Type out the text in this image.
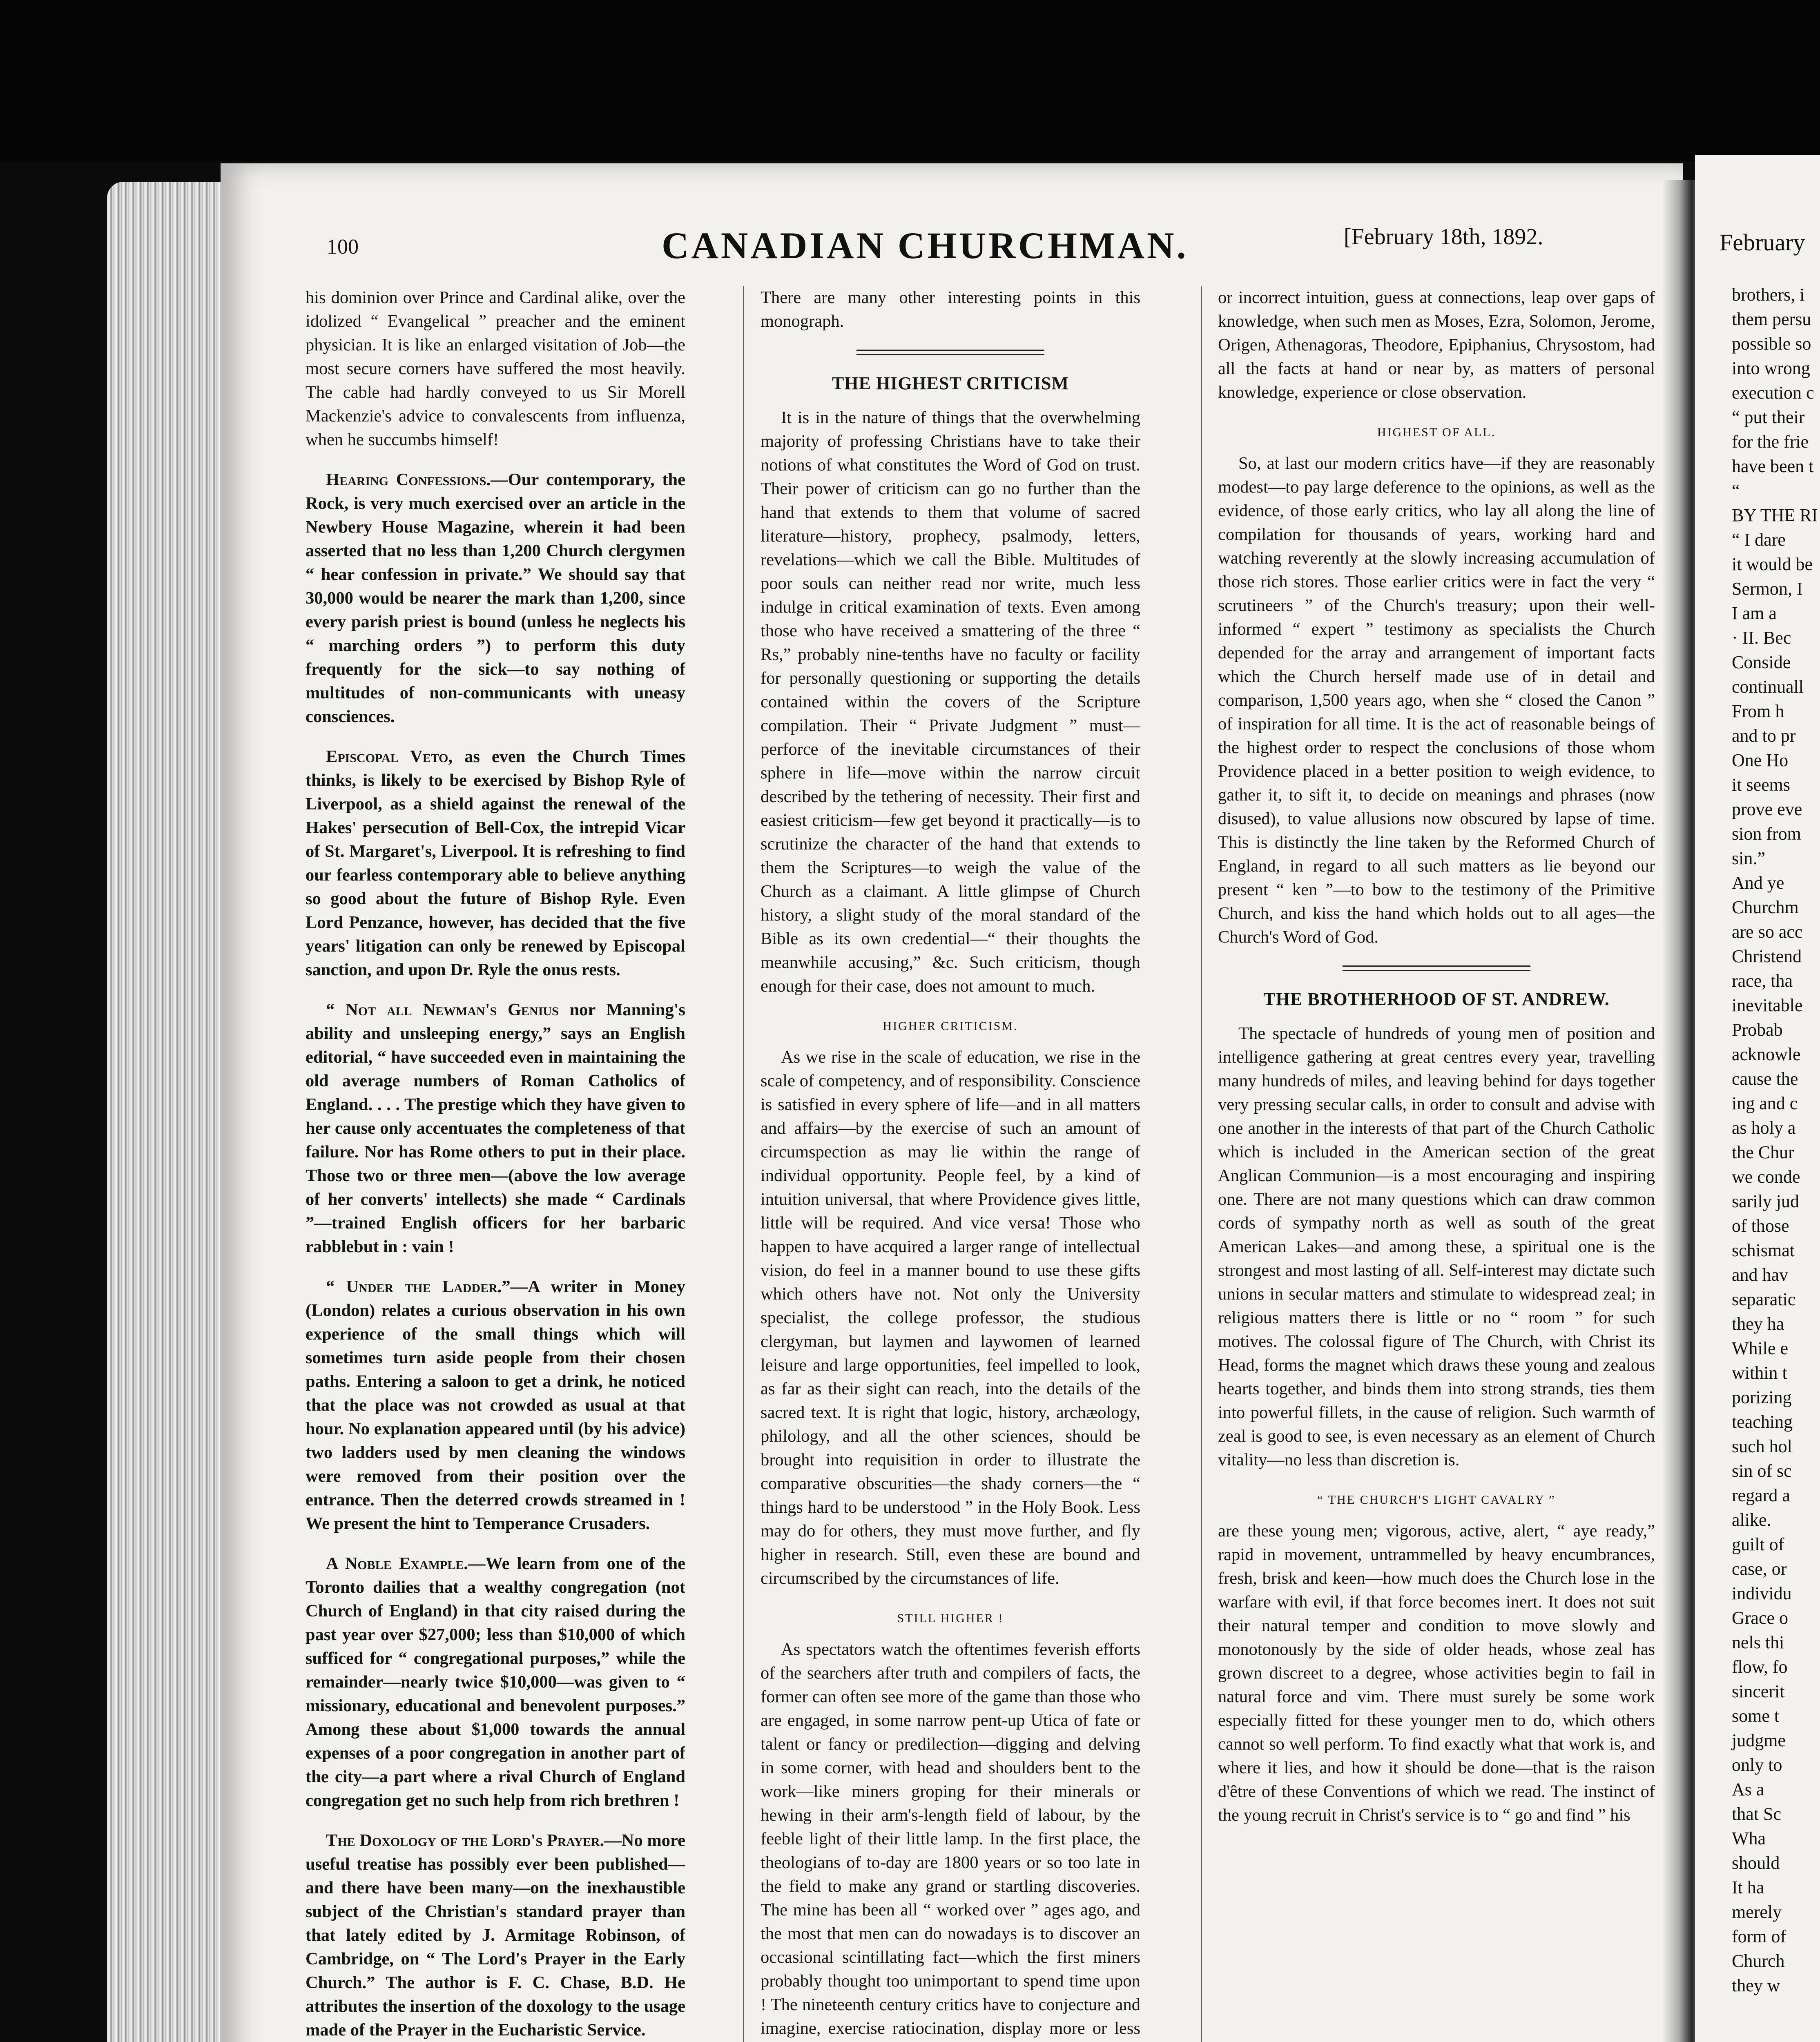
February
brothers, i
them persu
possible so
into wrong
execution c
“ put their
for the frie
have been t
“
BY THE RI
“ I dare
it would be
Sermon, I
I am a
· II. Bec
Conside
continuall
From h
and to pr
One Ho
it seems
prove eve
sion from
sin.”
And ye
Churchm
are so acc
Christend
race, tha
inevitable
Probab
acknowle
cause the
ing and c
as holy a
the Chur
we conde
sarily jud
of those
schismat
and hav
separatic
they ha
While e
within t
porizing
teaching
such hol
sin of sc
regard a
alike.
guilt of
case, or
individu
Grace o
nels thi
flow, fo
sincerit
some t
judgme
only to
As a
that Sc
Wha
should
It ha
merely
form of
Church
they w
100	CANADIAN CHURCHMAN.	[February 18th, 1892.

his dominion over Prince and Cardinal alike, over the idolized “ Evangelical ” preacher and the eminent physician. It is like an enlarged visitation of Job—the most secure corners have suffered the most heavily. The cable had hardly conveyed to us Sir Morell Mackenzie's advice to convalescents from influenza, when he succumbs himself!

Hearing Confessions.—Our contemporary, the Rock, is very much exercised over an article in the Newbery House Magazine, wherein it had been asserted that no less than 1,200 Church clergymen “ hear confession in private.” We should say that 30,000 would be nearer the mark than 1,200, since every parish priest is bound (unless he neglects his “ marching orders ”) to perform this duty frequently for the sick—to say nothing of multitudes of non-communicants with uneasy consciences.

Episcopal Veto, as even the Church Times thinks, is likely to be exercised by Bishop Ryle of Liverpool, as a shield against the renewal of the Hakes' persecution of Bell-Cox, the intrepid Vicar of St. Margaret's, Liverpool. It is refreshing to find our fearless contemporary able to believe anything so good about the future of Bishop Ryle. Even Lord Penzance, however, has decided that the five years' litigation can only be renewed by Episcopal sanction, and upon Dr. Ryle the onus rests.

“ Not all Newman's Genius nor Manning's ability and unsleeping energy,” says an English editorial, “ have succeeded even in maintaining the old average numbers of Roman Catholics of England. . . . The prestige which they have given to her cause only accentuates the completeness of that failure. Nor has Rome others to put in their place. Those two or three men—(above the low average of her converts' intellects) she made “ Cardinals ”—trained English officers for her barbaric rabblebut in : vain !

“ Under the Ladder.”—A writer in Money (London) relates a curious observation in his own experience of the small things which will sometimes turn aside people from their chosen paths. Entering a saloon to get a drink, he noticed that the place was not crowded as usual at that hour. No explanation appeared until (by his advice) two ladders used by men cleaning the windows were removed from their position over the entrance. Then the deterred crowds streamed in ! We present the hint to Temperance Crusaders.

A Noble Example.—We learn from one of the Toronto dailies that a wealthy congregation (not Church of England) in that city raised during the past year over $27,000; less than $10,000 of which sufficed for “ congregational purposes,” while the remainder—nearly twice $10,000—was given to “ missionary, educational and benevolent purposes.” Among these about $1,000 towards the annual expenses of a poor congregation in another part of the city—a part where a rival Church of England congregation get no such help from rich brethren !

The Doxology of the Lord's Prayer.—No more useful treatise has possibly ever been published—and there have been many—on the inexhaustible subject of the Christian's standard prayer than that lately edited by J. Armitage Robinson, of Cambridge, on “ The Lord's Prayer in the Early Church.” The author is F. C. Chase, B.D. He attributes the insertion of the doxology to the usage made of the Prayer in the Eucharistic Service.

There are many other interesting points in this monograph.

THE HIGHEST CRITICISM

It is in the nature of things that the overwhelming majority of professing Christians have to take their notions of what constitutes the Word of God on trust. Their power of criticism can go no further than the hand that extends to them that volume of sacred literature—history, prophecy, psalmody, letters, revelations—which we call the Bible. Multitudes of poor souls can neither read nor write, much less indulge in critical examination of texts. Even among those who have received a smattering of the three “ Rs,” probably nine-tenths have no faculty or facility for personally questioning or supporting the details contained within the covers of the Scripture compilation. Their “ Private Judgment ” must—perforce of the inevitable circumstances of their sphere in life—move within the narrow circuit described by the tethering of necessity. Their first and easiest criticism—few get beyond it practically—is to scrutinize the character of the hand that extends to them the Scriptures—to weigh the value of the Church as a claimant. A little glimpse of Church history, a slight study of the moral standard of the Bible as its own credential—“ their thoughts the meanwhile accusing,” &c. Such criticism, though enough for their case, does not amount to much.

HIGHER CRITICISM.

As we rise in the scale of education, we rise in the scale of competency, and of responsibility. Conscience is satisfied in every sphere of life—and in all matters and affairs—by the exercise of such an amount of circumspection as may lie within the range of individual opportunity. People feel, by a kind of intuition universal, that where Providence gives little, little will be required. And vice versa! Those who happen to have acquired a larger range of intellectual vision, do feel in a manner bound to use these gifts which others have not. Not only the University specialist, the college professor, the studious clergyman, but laymen and laywomen of learned leisure and large opportunities, feel impelled to look, as far as their sight can reach, into the details of the sacred text. It is right that logic, history, archæology, philology, and all the other sciences, should be brought into requisition in order to illustrate the comparative obscurities—the shady corners—the “ things hard to be understood ” in the Holy Book. Less may do for others, they must move further, and fly higher in research. Still, even these are bound and circumscribed by the circumstances of life.

STILL HIGHER !

As spectators watch the oftentimes feverish efforts of the searchers after truth and compilers of facts, the former can often see more of the game than those who are engaged, in some narrow pent-up Utica of fate or talent or fancy or predilection—digging and delving in some corner, with head and shoulders bent to the work—like miners groping for their minerals or hewing in their arm's-length field of labour, by the feeble light of their little lamp. In the first place, the theologians of to-day are 1800 years or so too late in the field to make any grand or startling discoveries. The mine has been all “ worked over ” ages ago, and the most that men can do nowadays is to discover an occasional scintillating fact—which the first miners probably thought too unimportant to spend time upon ! The nineteenth century critics have to conjecture and imagine, exercise ratiocination, display more or less

or incorrect intuition, guess at connections, leap over gaps of knowledge, when such men as Moses, Ezra, Solomon, Jerome, Origen, Athenagoras, Theodore, Epiphanius, Chrysostom, had all the facts at hand or near by, as matters of personal knowledge, experience or close observation.

HIGHEST OF ALL.

So, at last our modern critics have—if they are reasonably modest—to pay large deference to the opinions, as well as the evidence, of those early critics, who lay all along the line of compilation for thousands of years, working hard and watching reverently at the slowly increasing accumulation of those rich stores. Those earlier critics were in fact the very “ scrutineers ” of the Church's treasury; upon their well-informed “ expert ” testimony as specialists the Church depended for the array and arrangement of important facts which the Church herself made use of in detail and comparison, 1,500 years ago, when she “ closed the Canon ” of inspiration for all time. It is the act of reasonable beings of the highest order to respect the conclusions of those whom Providence placed in a better position to weigh evidence, to gather it, to sift it, to decide on meanings and phrases (now disused), to value allusions now obscured by lapse of time. This is distinctly the line taken by the Reformed Church of England, in regard to all such matters as lie beyond our present “ ken ”—to bow to the testimony of the Primitive Church, and kiss the hand which holds out to all ages—the Church's Word of God.

THE BROTHERHOOD OF ST. ANDREW.

The spectacle of hundreds of young men of position and intelligence gathering at great centres every year, travelling many hundreds of miles, and leaving behind for days together very pressing secular calls, in order to consult and advise with one another in the interests of that part of the Church Catholic which is included in the American section of the great Anglican Communion—is a most encouraging and inspiring one. There are not many questions which can draw common cords of sympathy north as well as south of the great American Lakes—and among these, a spiritual one is the strongest and most lasting of all. Self-interest may dictate such unions in secular matters and stimulate to widespread zeal; in religious matters there is little or no “ room ” for such motives. The colossal figure of The Church, with Christ its Head, forms the magnet which draws these young and zealous hearts together, and binds them into strong strands, ties them into powerful fillets, in the cause of religion. Such warmth of zeal is good to see, is even necessary as an element of Church vitality—no less than discretion is.

“ THE CHURCH'S LIGHT CAVALRY ”

are these young men; vigorous, active, alert, “ aye ready,” rapid in movement, untrammelled by heavy encumbrances, fresh, brisk and keen—how much does the Church lose in the warfare with evil, if that force becomes inert. It does not suit their natural temper and condition to move slowly and monotonously by the side of older heads, whose zeal has grown discreet to a degree, whose activities begin to fail in natural force and vim. There must surely be some work especially fitted for these younger men to do, which others cannot so well perform. To find exactly what that work is, and where it lies, and how it should be done—that is the raison d'être of these Conventions of which we read. The instinct of the young recruit in Christ's service is to “ go and find ” his
